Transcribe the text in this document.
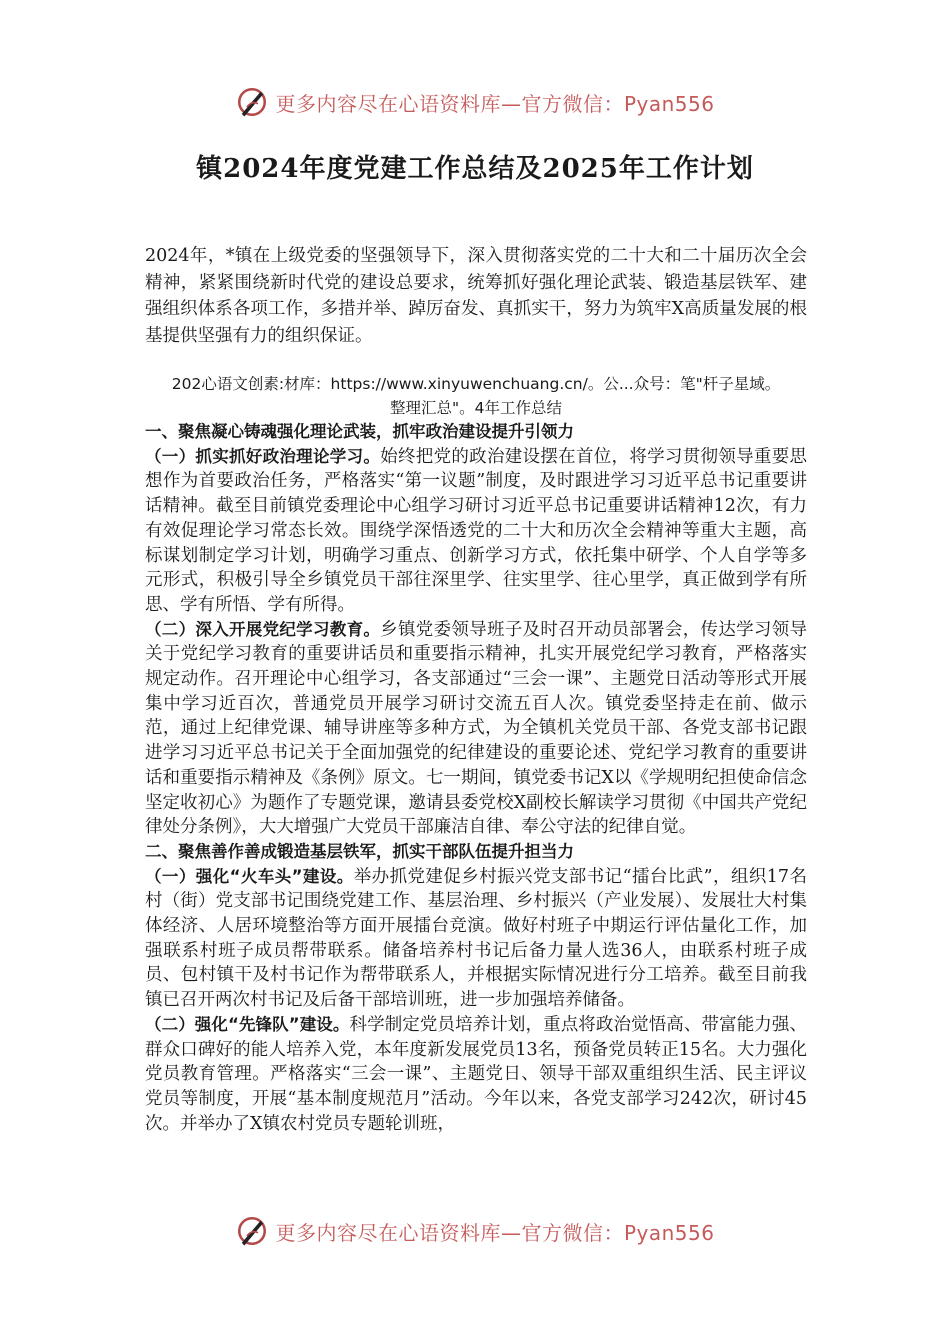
更多内容尽在心语资料库—官方微信：Pyan556
镇2024年度党建工作总结及2025年工作计划

2024年，*镇在上级党委的坚强领导下，深入贯彻落实党的二十大和二十届历次全会精神，紧紧围绕新时代党的建设总要求，统筹抓好强化理论武装、锻造基层铁军、建强组织体系各项工作，多措并举、踔厉奋发、真抓实干，努力为筑牢X高质量发展的根基提供坚强有力的组织保证。

202心语文创素:材库：https://www.xinyuwenchuang.cn/。公...众号：笔"杆子星域。
整理汇总"。4年工作总结

一、聚焦凝心铸魂强化理论武装，抓牢政治建设提升引领力

（一）抓实抓好政治理论学习。始终把党的政治建设摆在首位，将学习贯彻领导重要思想作为首要政治任务，严格落实“第一议题”制度，及时跟进学习习近平总书记重要讲话精神。截至目前镇党委理论中心组学习研讨习近平总书记重要讲话精神12次，有力有效促理论学习常态长效。围绕学深悟透党的二十大和历次全会精神等重大主题，高标谋划制定学习计划，明确学习重点、创新学习方式，依托集中研学、个人自学等多元形式，积极引导全乡镇党员干部往深里学、往实里学、往心里学，真正做到学有所思、学有所悟、学有所得。

（二）深入开展党纪学习教育。乡镇党委领导班子及时召开动员部署会，传达学习领导关于党纪学习教育的重要讲话员和重要指示精神，扎实开展党纪学习教育，严格落实规定动作。召开理论中心组学习，各支部通过“三会一课”、主题党日活动等形式开展集中学习近百次，普通党员开展学习研讨交流五百人次。镇党委坚持走在前、做示范，通过上纪律党课、辅导讲座等多种方式，为全镇机关党员干部、各党支部书记跟进学习习近平总书记关于全面加强党的纪律建设的重要论述、党纪学习教育的重要讲话和重要指示精神及《条例》原文。七一期间，镇党委书记X以《学规明纪担使命信念坚定收初心》为题作了专题党课，邀请县委党校X副校长解读学习贯彻《中国共产党纪律处分条例》，大大增强广大党员干部廉洁自律、奉公守法的纪律自觉。

二、聚焦善作善成锻造基层铁军，抓实干部队伍提升担当力

（一）强化“火车头”建设。举办抓党建促乡村振兴党支部书记“擂台比武”，组织17名村（街）党支部书记围绕党建工作、基层治理、乡村振兴（产业发展）、发展壮大村集体经济、人居环境整治等方面开展擂台竞演。做好村班子中期运行评估量化工作，加强联系村班子成员帮带联系。储备培养村书记后备力量人选36人，由联系村班子成员、包村镇干及村书记作为帮带联系人，并根据实际情况进行分工培养。截至目前我镇已召开两次村书记及后备干部培训班，进一步加强培养储备。

（二）强化“先锋队”建设。科学制定党员培养计划，重点将政治觉悟高、带富能力强、群众口碑好的能人培养入党，本年度新发展党员13名，预备党员转正15名。大力强化党员教育管理。严格落实“三会一课”、主题党日、领导干部双重组织生活、民主评议党员等制度，开展“基本制度规范月”活动。今年以来，各党支部学习242次，研讨45次。并举办了X镇农村党员专题轮训班，

更多内容尽在心语资料库—官方微信：Pyan556
